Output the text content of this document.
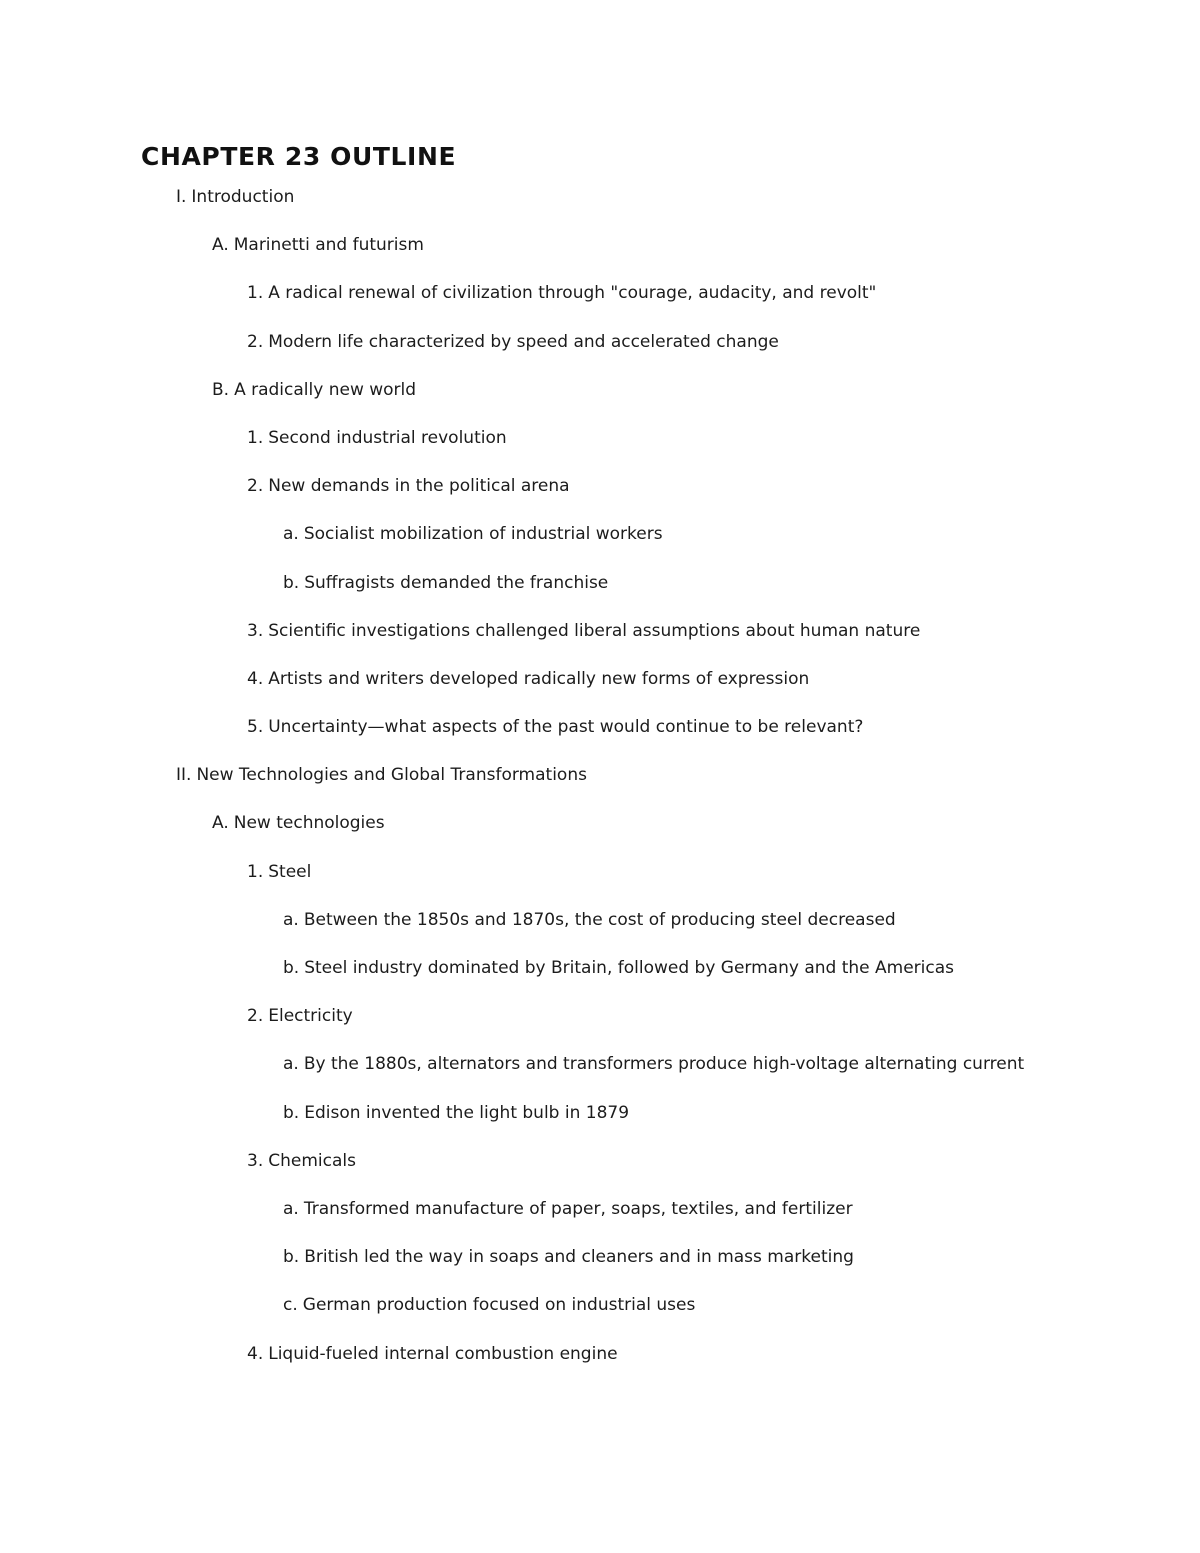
CHAPTER 23 OUTLINE
I. Introduction
A. Marinetti and futurism
1. A radical renewal of civilization through "courage, audacity, and revolt"
2. Modern life characterized by speed and accelerated change
B. A radically new world
1. Second industrial revolution
2. New demands in the political arena
a. Socialist mobilization of industrial workers
b. Suffragists demanded the franchise
3. Scientific investigations challenged liberal assumptions about human nature
4. Artists and writers developed radically new forms of expression
5. Uncertainty—what aspects of the past would continue to be relevant?
II. New Technologies and Global Transformations
A. New technologies
1. Steel
a. Between the 1850s and 1870s, the cost of producing steel decreased
b. Steel industry dominated by Britain, followed by Germany and the Americas
2. Electricity
a. By the 1880s, alternators and transformers produce high-voltage alternating current
b. Edison invented the light bulb in 1879
3. Chemicals
a. Transformed manufacture of paper, soaps, textiles, and fertilizer
b. British led the way in soaps and cleaners and in mass marketing
c. German production focused on industrial uses
4. Liquid-fueled internal combustion engine
